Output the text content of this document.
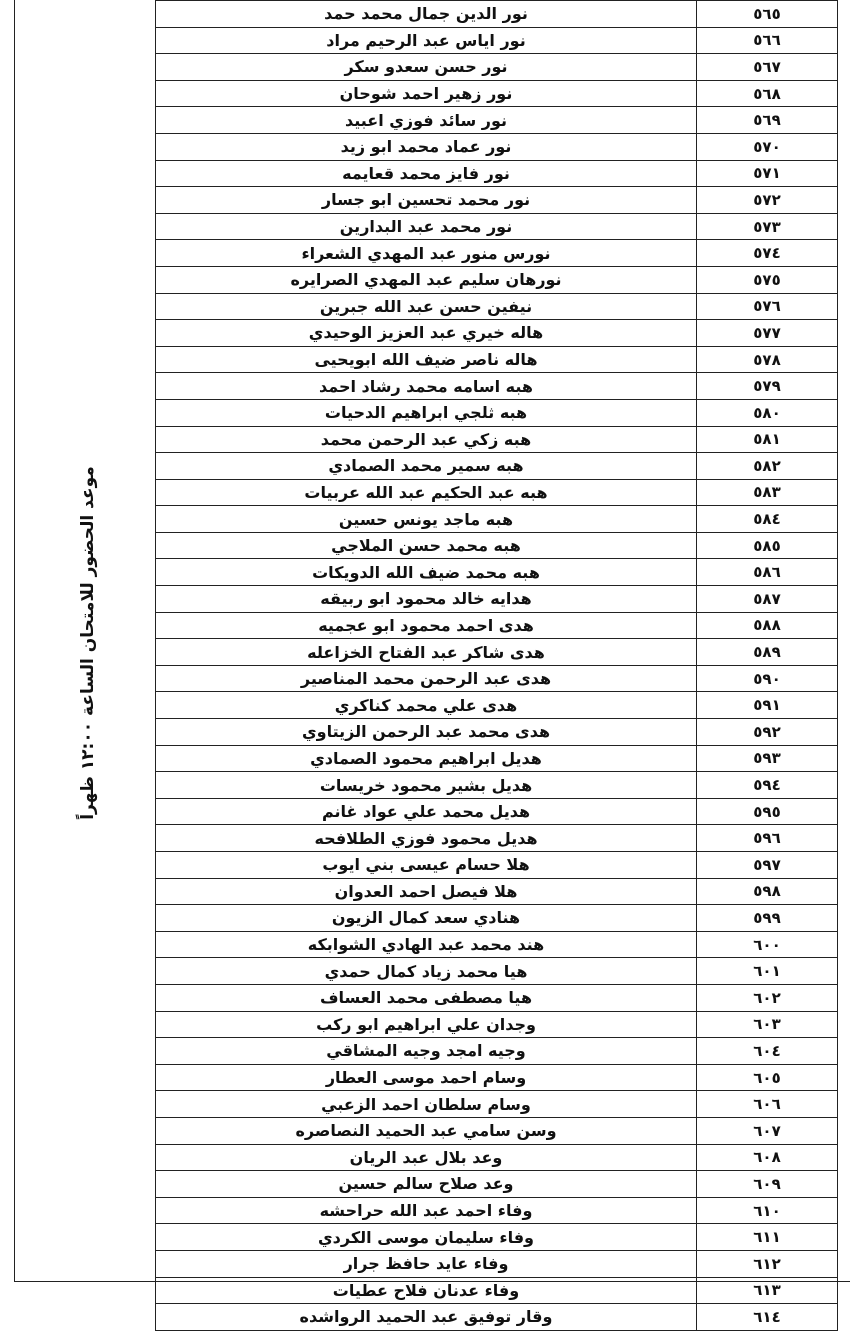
موعد الحضور للامتحان الساعة ١٢:٠٠ ظهراً
٥٦٥	نور الدين جمال محمد حمد
٥٦٦	نور اياس عبد الرحيم مراد
٥٦٧	نور حسن سعدو سكر
٥٦٨	نور زهير احمد شوحان
٥٦٩	نور سائد فوزي اعبيد
٥٧٠	نور عماد محمد ابو زيد
٥٧١	نور فايز محمد قعايمه
٥٧٢	نور محمد تحسين ابو جسار
٥٧٣	نور محمد عبد البدارين
٥٧٤	نورس منور عبد المهدي الشعراء
٥٧٥	نورهان سليم عبد المهدي الصرايره
٥٧٦	نيفين حسن عبد الله جبرين
٥٧٧	هاله خيري عبد العزيز الوحيدي
٥٧٨	هاله ناصر ضيف الله ابويحيى
٥٧٩	هبه اسامه محمد رشاد احمد
٥٨٠	هبه ثلجي ابراهيم الدحيات
٥٨١	هبه زكي عبد الرحمن محمد
٥٨٢	هبه سمير محمد الصمادي
٥٨٣	هبه عبد الحكيم عبد الله عربيات
٥٨٤	هبه ماجد يونس حسين
٥٨٥	هبه محمد حسن الملاجي
٥٨٦	هبه محمد ضيف الله الدويكات
٥٨٧	هدايه خالد محمود ابو ربيقه
٥٨٨	هدى احمد محمود ابو عجميه
٥٨٩	هدى شاكر عبد الفتاح الخزاعله
٥٩٠	هدى عبد الرحمن محمد المناصير
٥٩١	هدى علي محمد كناكري
٥٩٢	هدى محمد عبد الرحمن الزيتاوي
٥٩٣	هديل ابراهيم محمود الصمادي
٥٩٤	هديل بشير محمود خريسات
٥٩٥	هديل محمد علي عواد غانم
٥٩٦	هديل محمود فوزي الطلافحه
٥٩٧	هلا حسام عيسى بني ايوب
٥٩٨	هلا فيصل احمد العدوان
٥٩٩	هنادي سعد كمال الزيون
٦٠٠	هند محمد عبد الهادي الشوابكه
٦٠١	هيا محمد زياد كمال حمدي
٦٠٢	هيا مصطفى محمد العساف
٦٠٣	وجدان علي ابراهيم ابو ركب
٦٠٤	وجيه امجد وجيه المشاقي
٦٠٥	وسام احمد موسى العطار
٦٠٦	وسام سلطان احمد الزعبي
٦٠٧	وسن سامي عبد الحميد النصاصره
٦٠٨	وعد بلال عبد الريان
٦٠٩	وعد صلاح سالم حسين
٦١٠	وفاء احمد عبد الله حراحشه
٦١١	وفاء سليمان موسى الكردي
٦١٢	وفاء عايد حافظ جرار
٦١٣	وفاء عدنان فلاح عطيات
٦١٤	وقار توفيق عبد الحميد الرواشده
